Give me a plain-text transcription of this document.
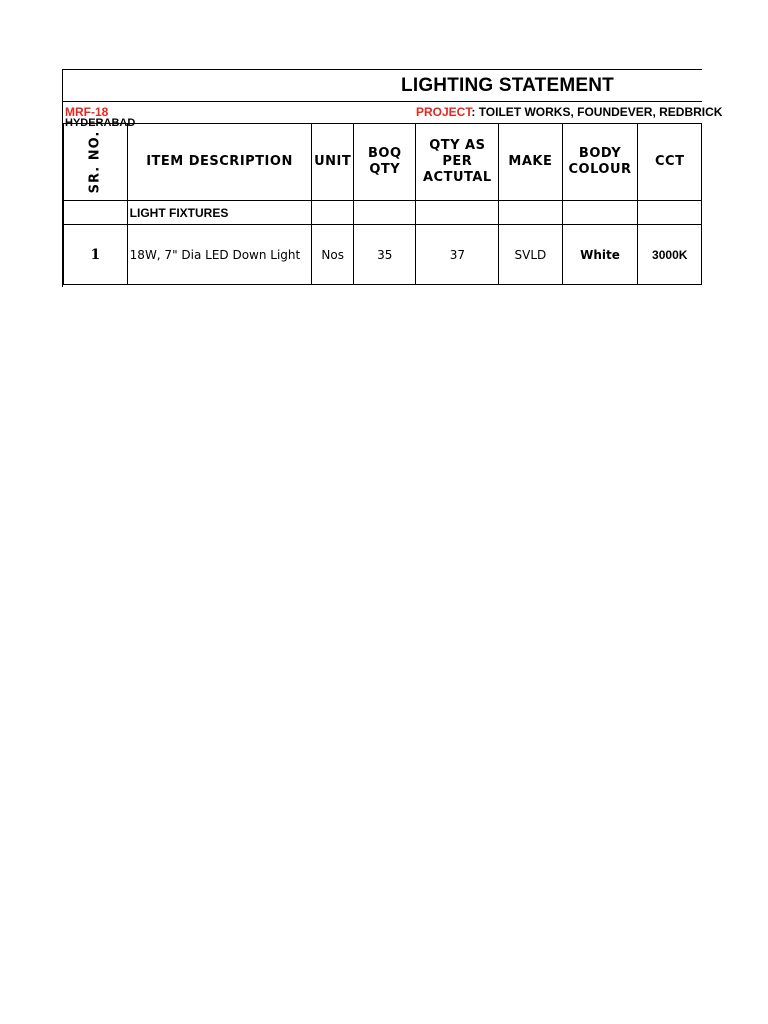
LIGHTING STATEMENT
MRF-18
HYDERABAD
PROJECT: TOILET WORKS, FOUNDEVER, REDBRICK
SR. NO.	ITEM DESCRIPTION	UNIT	BOQ QTY	QTY AS PER ACTUTAL	MAKE	BODY COLOUR	CCT
	LIGHT FIXTURES						
1	18W, 7" Dia LED Down Light	Nos	35	37	SVLD	White	3000K
